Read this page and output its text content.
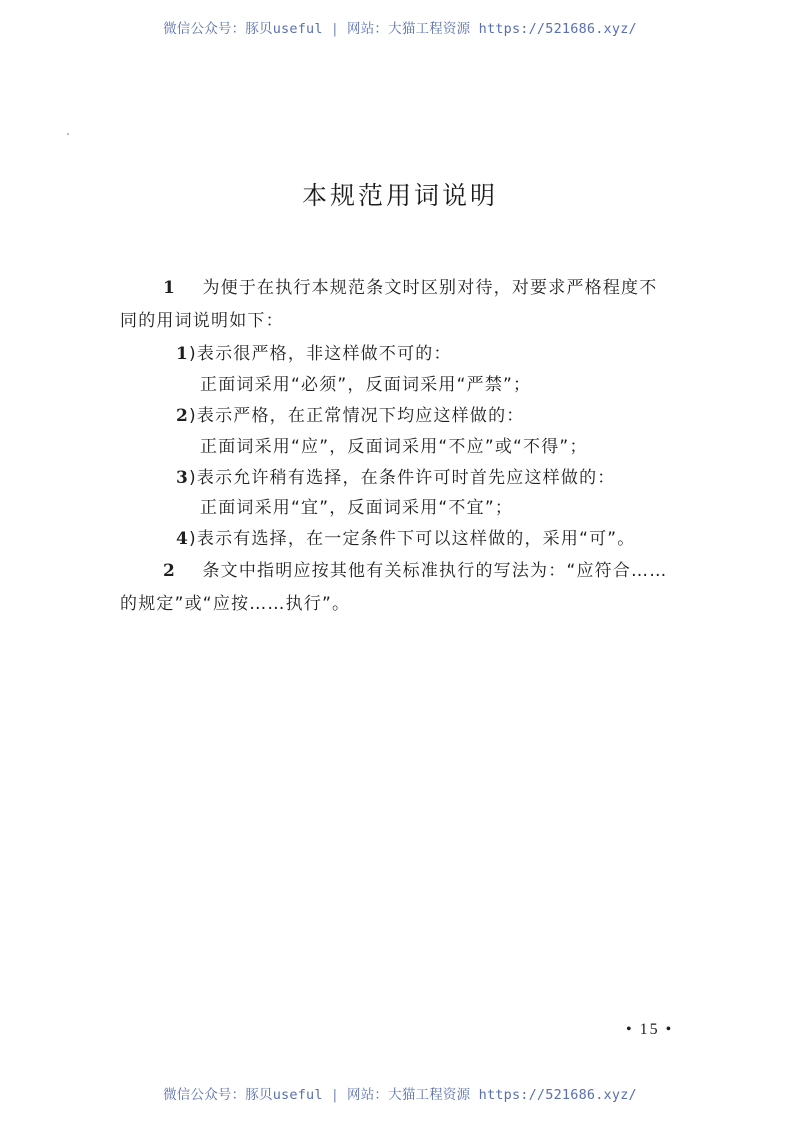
微信公众号：豚贝useful | 网站：大猫工程资源 https://521686.xyz/
本规范用词说明
1 为便于在执行本规范条文时区别对待，对要求严格程度不
同的用词说明如下：
1)表示很严格，非这样做不可的：
正面词采用“必须”，反面词采用“严禁”；
2)表示严格，在正常情况下均应这样做的：
正面词采用“应”，反面词采用“不应”或“不得”；
3)表示允许稍有选择，在条件许可时首先应这样做的：
正面词采用“宜”，反面词采用“不宜”；
4)表示有选择，在一定条件下可以这样做的，采用“可”。
2 条文中指明应按其他有关标准执行的写法为：“应符合……
的规定”或“应按……执行”。
• 15 •
微信公众号：豚贝useful | 网站：大猫工程资源 https://521686.xyz/
